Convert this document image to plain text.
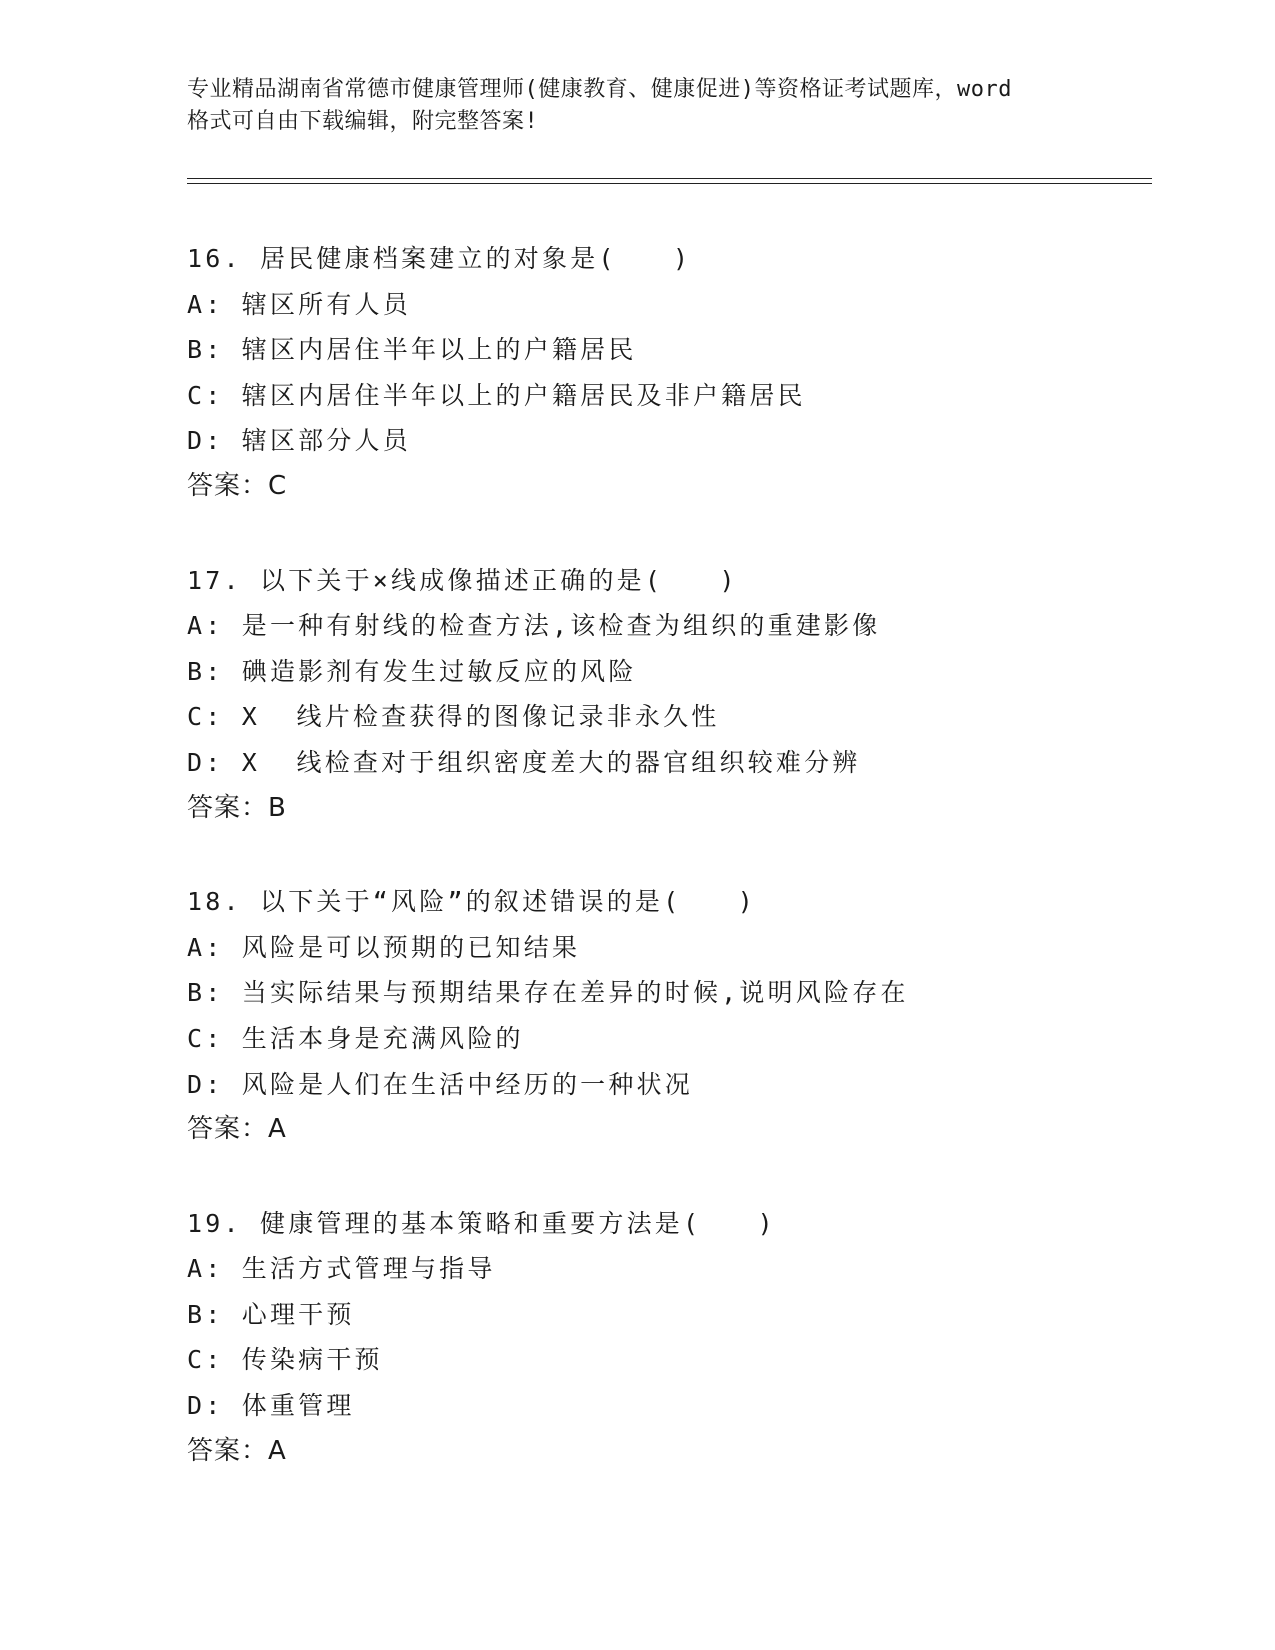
专业精品湖南省常德市健康管理师(健康教育、健康促进)等资格证考试题库，word
格式可自由下载编辑，附完整答案!
16. 居民健康档案建立的对象是(　　)
A: 辖区所有人员
B: 辖区内居住半年以上的户籍居民
C: 辖区内居住半年以上的户籍居民及非户籍居民
D: 辖区部分人员
答案：C
17. 以下关于×线成像描述正确的是(　　)
A: 是一种有射线的检查方法,该检查为组织的重建影像
B: 碘造影剂有发生过敏反应的风险
C: X  线片检查获得的图像记录非永久性
D: X  线检查对于组织密度差大的器官组织较难分辨
答案：B
18. 以下关于“风险”的叙述错误的是(　　)
A: 风险是可以预期的已知结果
B: 当实际结果与预期结果存在差异的时候,说明风险存在
C: 生活本身是充满风险的
D: 风险是人们在生活中经历的一种状况
答案：A
19. 健康管理的基本策略和重要方法是(　　)
A: 生活方式管理与指导
B: 心理干预
C: 传染病干预
D: 体重管理
答案：A
